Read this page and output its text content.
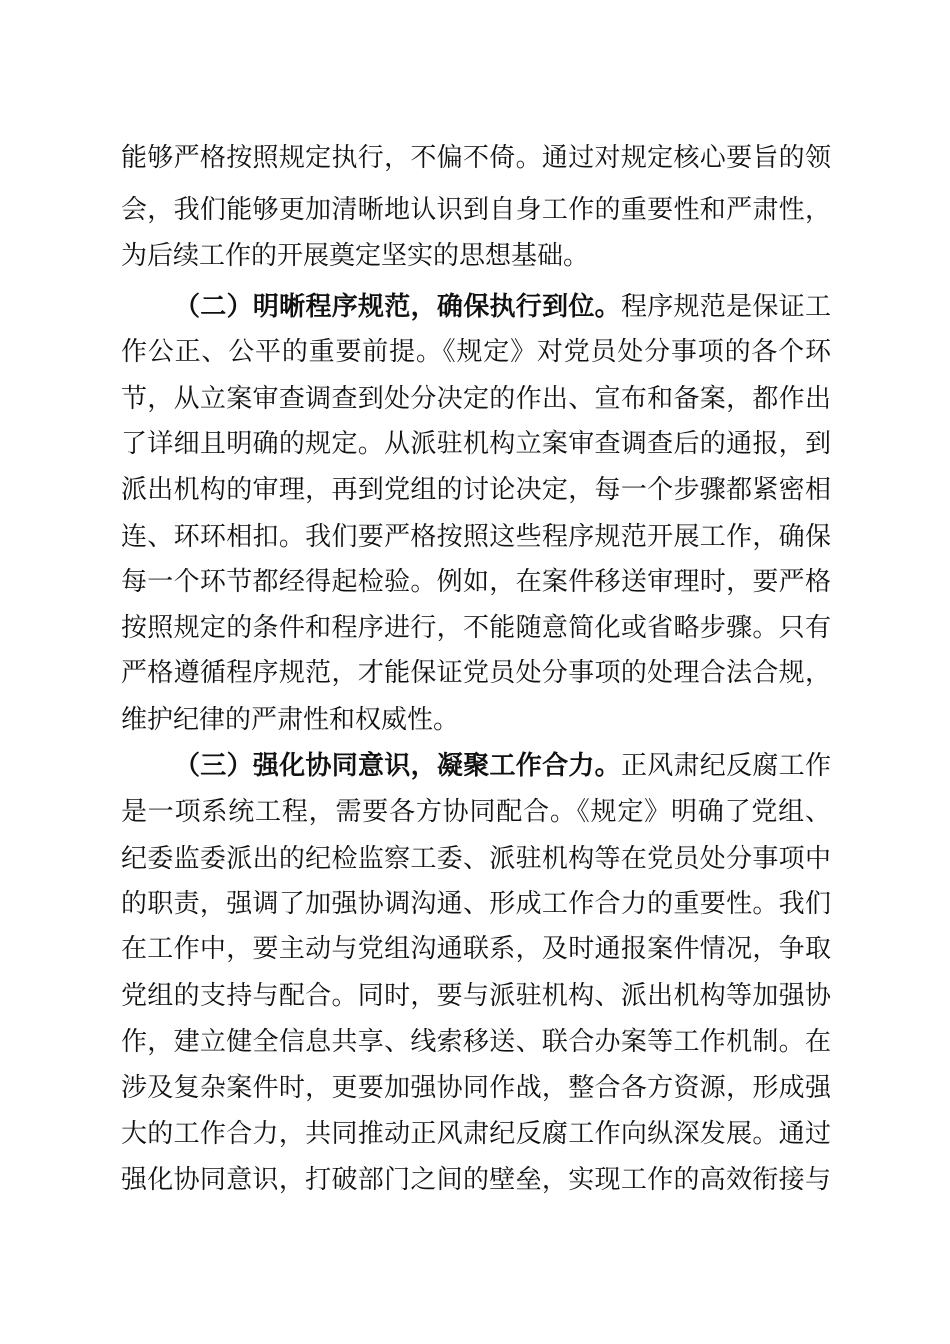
能够严格按照规定执行，不偏不倚。通过对规定核心要旨的领
会，我们能够更加清晰地认识到自身工作的重要性和严肃性，
为后续工作的开展奠定坚实的思想基础。
（二）明晰程序规范，确保执行到位。程序规范是保证工
作公正、公平的重要前提。《规定》对党员处分事项的各个环
节，从立案审查调查到处分决定的作出、宣布和备案，都作出
了详细且明确的规定。从派驻机构立案审查调查后的通报，到
派出机构的审理，再到党组的讨论决定，每一个步骤都紧密相
连、环环相扣。我们要严格按照这些程序规范开展工作，确保
每一个环节都经得起检验。例如，在案件移送审理时，要严格
按照规定的条件和程序进行，不能随意简化或省略步骤。只有
严格遵循程序规范，才能保证党员处分事项的处理合法合规，
维护纪律的严肃性和权威性。
（三）强化协同意识，凝聚工作合力。正风肃纪反腐工作
是一项系统工程，需要各方协同配合。《规定》明确了党组、
纪委监委派出的纪检监察工委、派驻机构等在党员处分事项中
的职责，强调了加强协调沟通、形成工作合力的重要性。我们
在工作中，要主动与党组沟通联系，及时通报案件情况，争取
党组的支持与配合。同时，要与派驻机构、派出机构等加强协
作，建立健全信息共享、线索移送、联合办案等工作机制。在
涉及复杂案件时，更要加强协同作战，整合各方资源，形成强
大的工作合力，共同推动正风肃纪反腐工作向纵深发展。通过
强化协同意识，打破部门之间的壁垒，实现工作的高效衔接与
